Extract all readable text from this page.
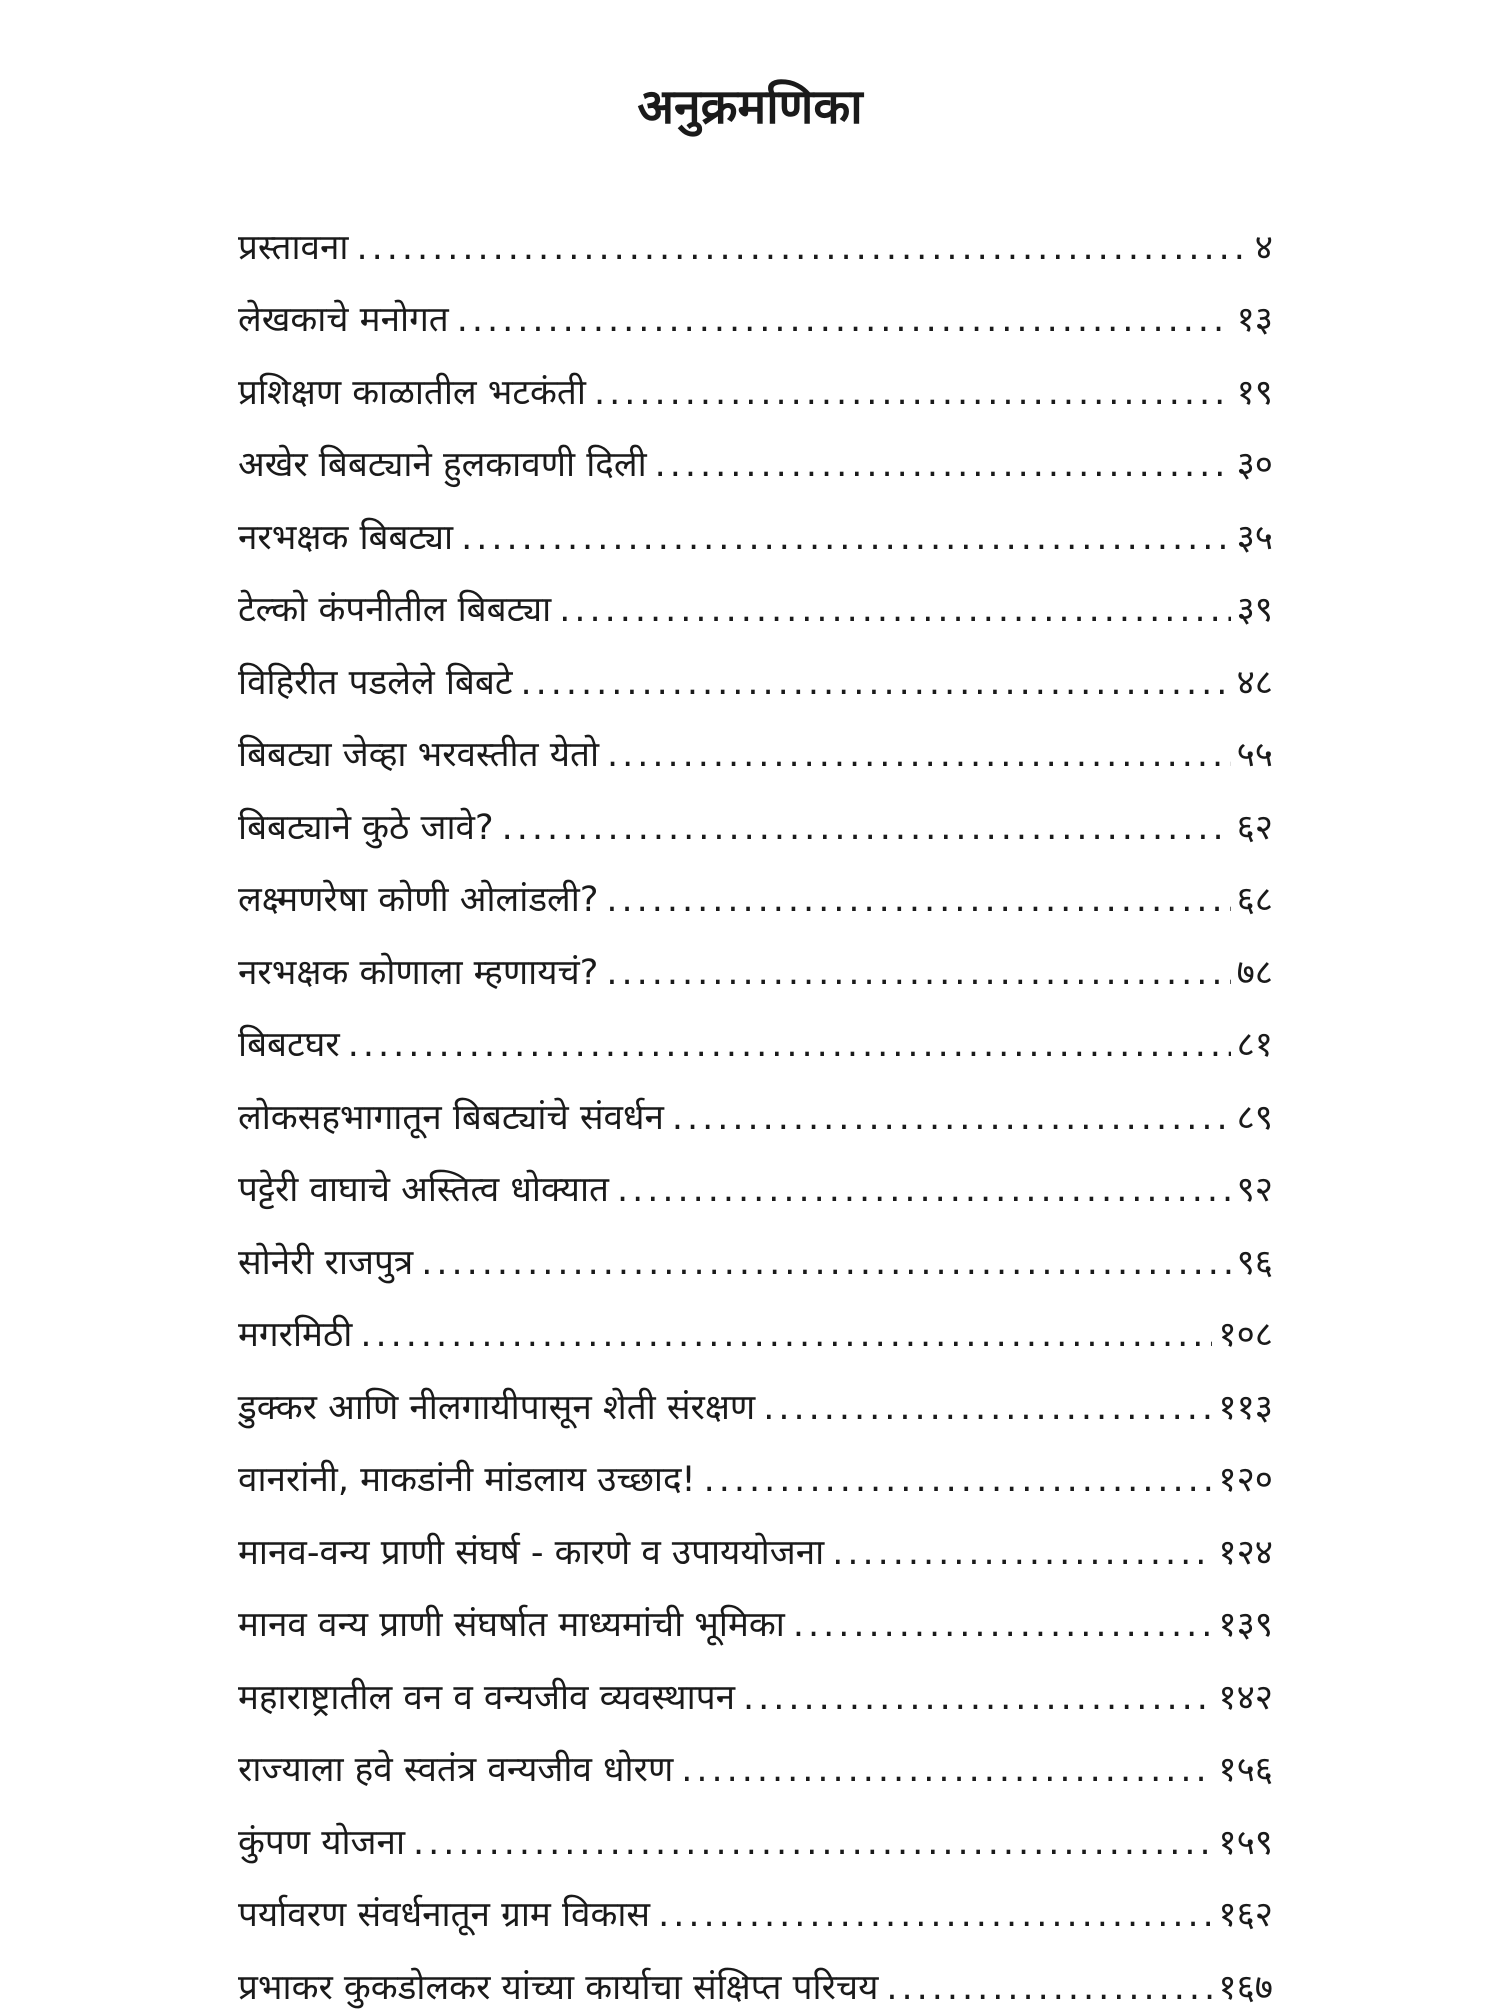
अनुक्रमणिका
प्रस्तावना .....	४
लेखकाचे मनोगत .....	१३
प्रशिक्षण काळातील भटकंती .....	१९
अखेर बिबट्याने हुलकावणी दिली .....	३०
नरभक्षक बिबट्या .....	३५
टेल्को कंपनीतील बिबट्या .....	३९
विहिरीत पडलेले बिबटे .....	४८
बिबट्या जेव्हा भरवस्तीत येतो .....	५५
बिबट्याने कुठे जावे? .....	६२
लक्ष्मणरेषा कोणी ओलांडली? .....	६८
नरभक्षक कोणाला म्हणायचं? .....	७८
बिबटघर .....	८१
लोकसहभागातून बिबट्यांचे संवर्धन .....	८९
पट्टेरी वाघाचे अस्तित्व धोक्यात .....	९२
सोनेरी राजपुत्र .....	९६
मगरमिठी .....	१०८
डुक्कर आणि नीलगायीपासून शेती संरक्षण .....	११३
वानरांनी, माकडांनी मांडलाय उच्छाद! .....	१२०
मानव-वन्य प्राणी संघर्ष - कारणे व उपाययोजना .....	१२४
मानव वन्य प्राणी संघर्षात माध्यमांची भूमिका .....	१३९
महाराष्ट्रातील वन व वन्यजीव व्यवस्थापन .....	१४२
राज्याला हवे स्वतंत्र वन्यजीव धोरण .....	१५६
कुंपण योजना .....	१५९
पर्यावरण संवर्धनातून ग्राम विकास .....	१६२
प्रभाकर कुकडोलकर यांच्या कार्याचा संक्षिप्त परिचय .....	१६७
